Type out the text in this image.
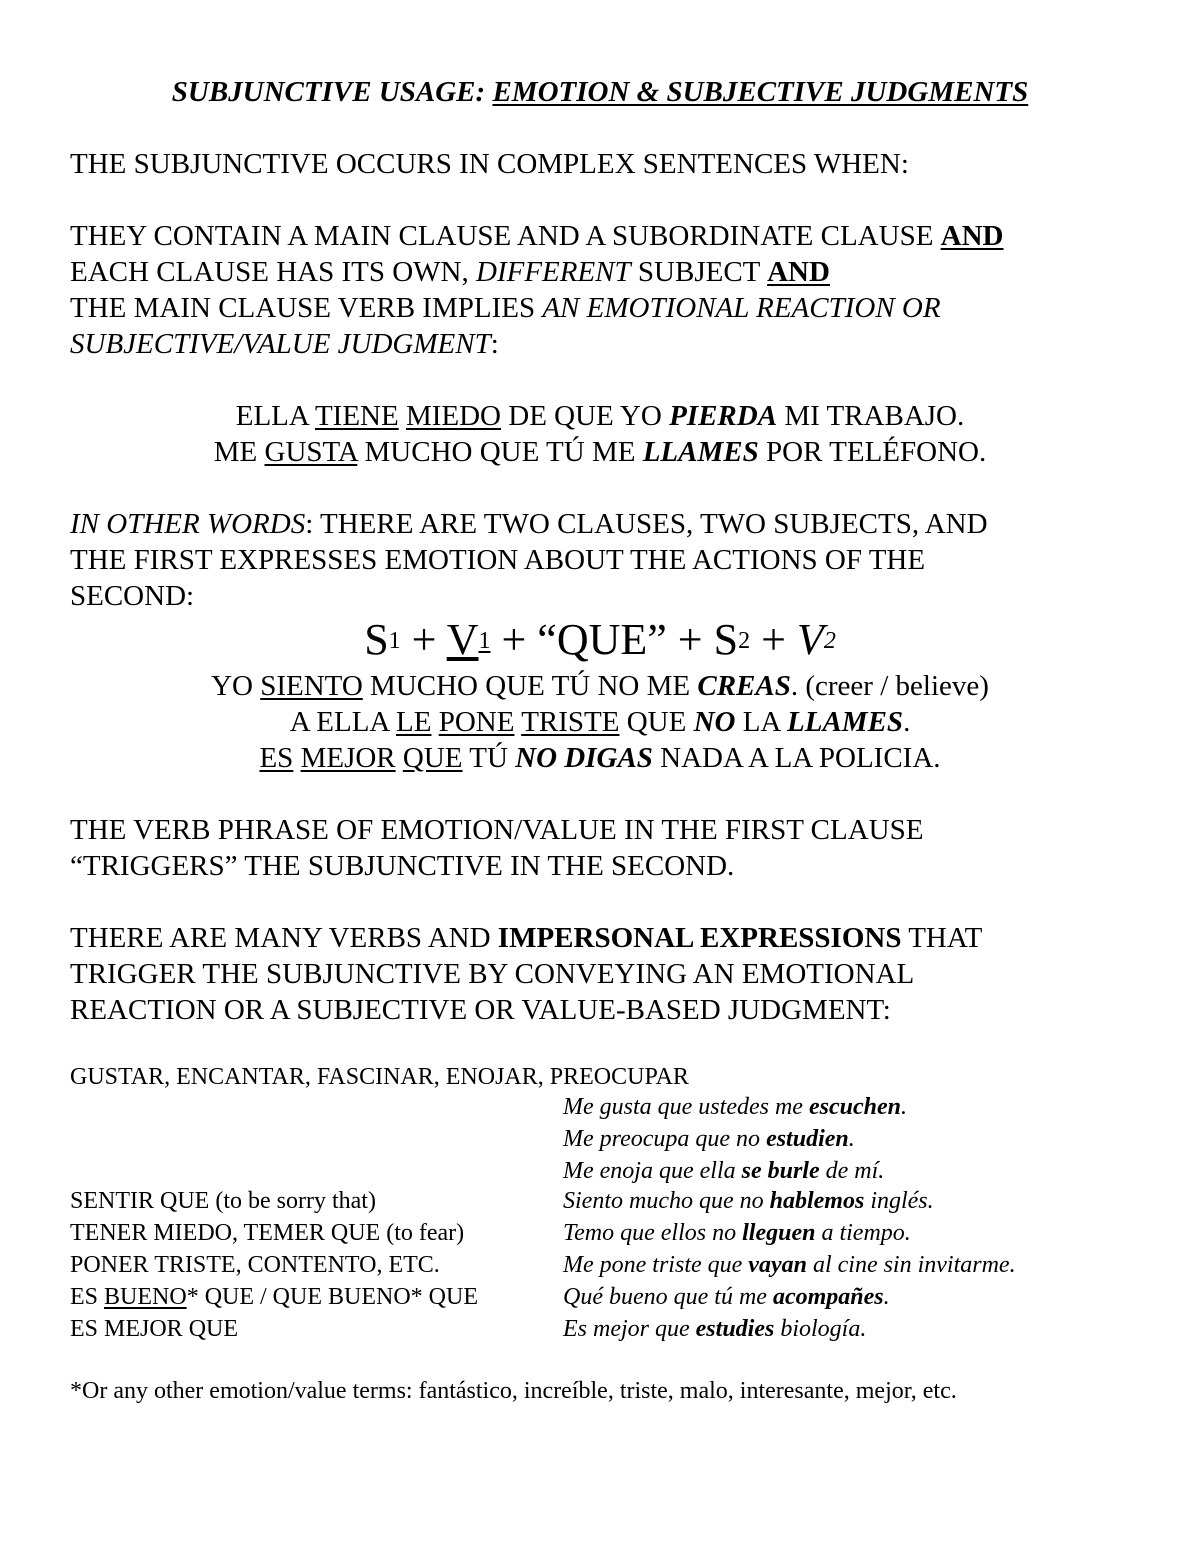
SUBJUNCTIVE USAGE: EMOTION & SUBJECTIVE JUDGMENTS
THE SUBJUNCTIVE OCCURS IN COMPLEX SENTENCES WHEN:
THEY CONTAIN A MAIN CLAUSE AND A SUBORDINATE CLAUSE AND
EACH CLAUSE HAS ITS OWN, DIFFERENT SUBJECT AND
THE MAIN CLAUSE VERB IMPLIES AN EMOTIONAL REACTION OR
SUBJECTIVE/VALUE JUDGMENT:
ELLA TIENE MIEDO DE QUE YO PIERDA MI TRABAJO.
ME GUSTA MUCHO QUE TÚ ME LLAMES POR TELÉFONO.
IN OTHER WORDS: THERE ARE TWO CLAUSES, TWO SUBJECTS, AND
THE FIRST EXPRESSES EMOTION ABOUT THE ACTIONS OF THE
SECOND:
$S^1 + V^1$ + “QUE” + $S^2 + V^2$
YO SIENTO MUCHO QUE TÚ NO ME CREAS. (creer / believe)
A ELLA LE PONE TRISTE QUE NO LA LLAMES.
ES MEJOR QUE TÚ NO DIGAS NADA A LA POLICIA.
THE VERB PHRASE OF EMOTION/VALUE IN THE FIRST CLAUSE
“TRIGGERS” THE SUBJUNCTIVE IN THE SECOND.
THERE ARE MANY VERBS AND IMPERSONAL EXPRESSIONS THAT
TRIGGER THE SUBJUNCTIVE BY CONVEYING AN EMOTIONAL
REACTION OR A SUBJECTIVE OR VALUE-BASED JUDGMENT:
GUSTAR, ENCANTAR, FASCINAR, ENOJAR, PREOCUPAR
SENTIR QUE (to be sorry that)
TENER MIEDO, TEMER QUE (to fear)
PONER TRISTE, CONTENTO, ETC.
ES BUENO* QUE / QUE BUENO* QUE
ES MEJOR QUE
Me gusta que ustedes me escuchen.
Me preocupa que no estudien.
Me enoja que ella se burle de mí.
Siento mucho que no hablemos inglés.
Temo que ellos no lleguen a tiempo.
Me pone triste que vayan al cine sin invitarme.
Qué bueno que tú me acompañes.
Es mejor que estudies biología.
*Or any other emotion/value terms: fantástico, increíble, triste, malo, interesante, mejor, etc.
